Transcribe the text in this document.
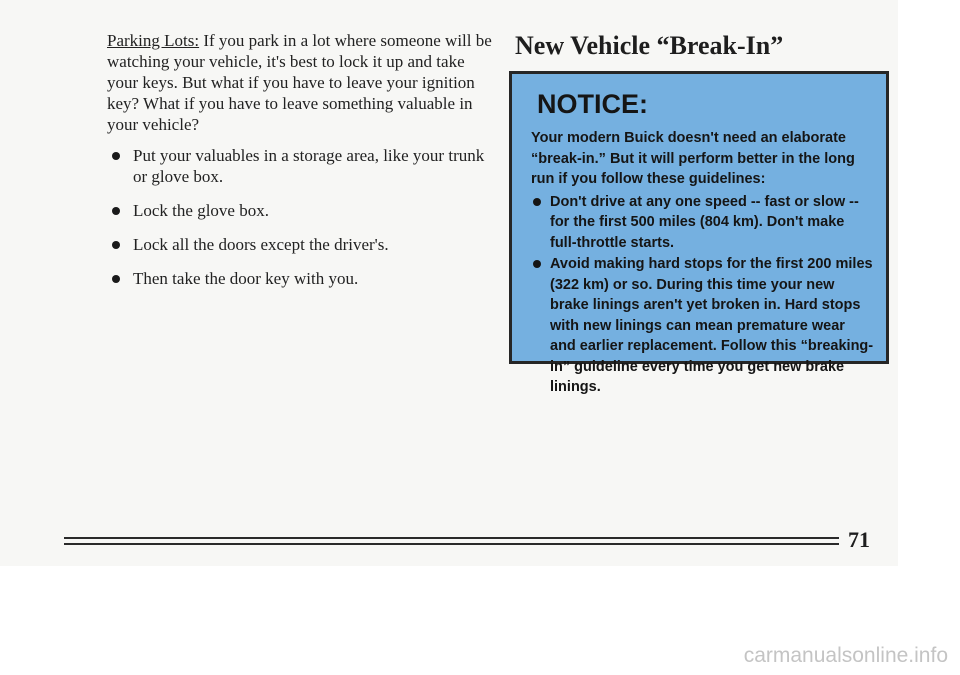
Parking Lots: If you park in a lot where someone will be watching your vehicle, it's best to lock it up and take your keys. But what if you have to leave your ignition key? What if you have to leave something valuable in your vehicle?

Put your valuables in a storage area, like your trunk or glove box.
Lock the glove box.
Lock all the doors except the driver's.
Then take the door key with you.
New Vehicle “Break-In”
NOTICE:

Your modern Buick doesn't need an elaborate “break-in.” But it will perform better in the long run if you follow these guidelines:

Don't drive at any one speed -- fast or slow -- for the first 500 miles (804 km). Don't make full-throttle starts.
Avoid making hard stops for the first 200 miles (322 km) or so. During this time your new brake linings aren't yet broken in. Hard stops with new linings can mean premature wear and earlier replacement. Follow this “breaking-in” guideline every time you get new brake linings.
71
carmanualsonline.info
